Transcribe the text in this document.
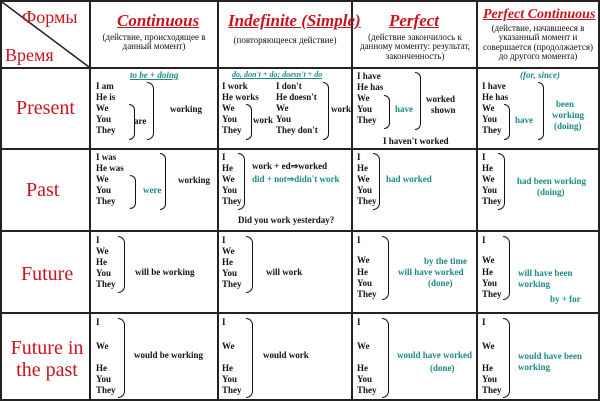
Формы
Время
Continuous
(действие, происходящее в данный момент)
Indefinite (Simple)
(повторяющееся действие)
Perfect
(действие закончилось к данному моменту: результат, законченность)
Perfect Continuous
(действие, начавшееся в указанный момент и совершается (продолжается) до другого момента)
Present
Past
Future
Future in the past
to be + doing
I am
He is
We
You
They
are
working
do, don't + do; doesn't + do
I work
He works
We
You
They
work
I don't
He doesn't
We
You
They don't
work
I have
He has
We
You
They
have
worked
shown
I haven't worked
(for, since)
I have
He has
We
You
They
have
been
working
(doing)
I was
He was
We
You
They
were
working
I
He
We
You
They
work + ed⇒worked
did + not⇒didn't work
Did you work yesterday?
I
He
We
You
They
had worked
I
He
We
You
They
had been working
(doing)
I
We
He
You
They
will be working
I
We
He
You
They
will work
I
We
He
You
They
by the time
will have worked
(done)
I
We
He
You
They
will have been working
by + for
I
We
He
You
They
would be working
I
We
He
You
They
would work
I
We
He
You
They
would have worked
(done)
I
We
He
You
They
would have been working
